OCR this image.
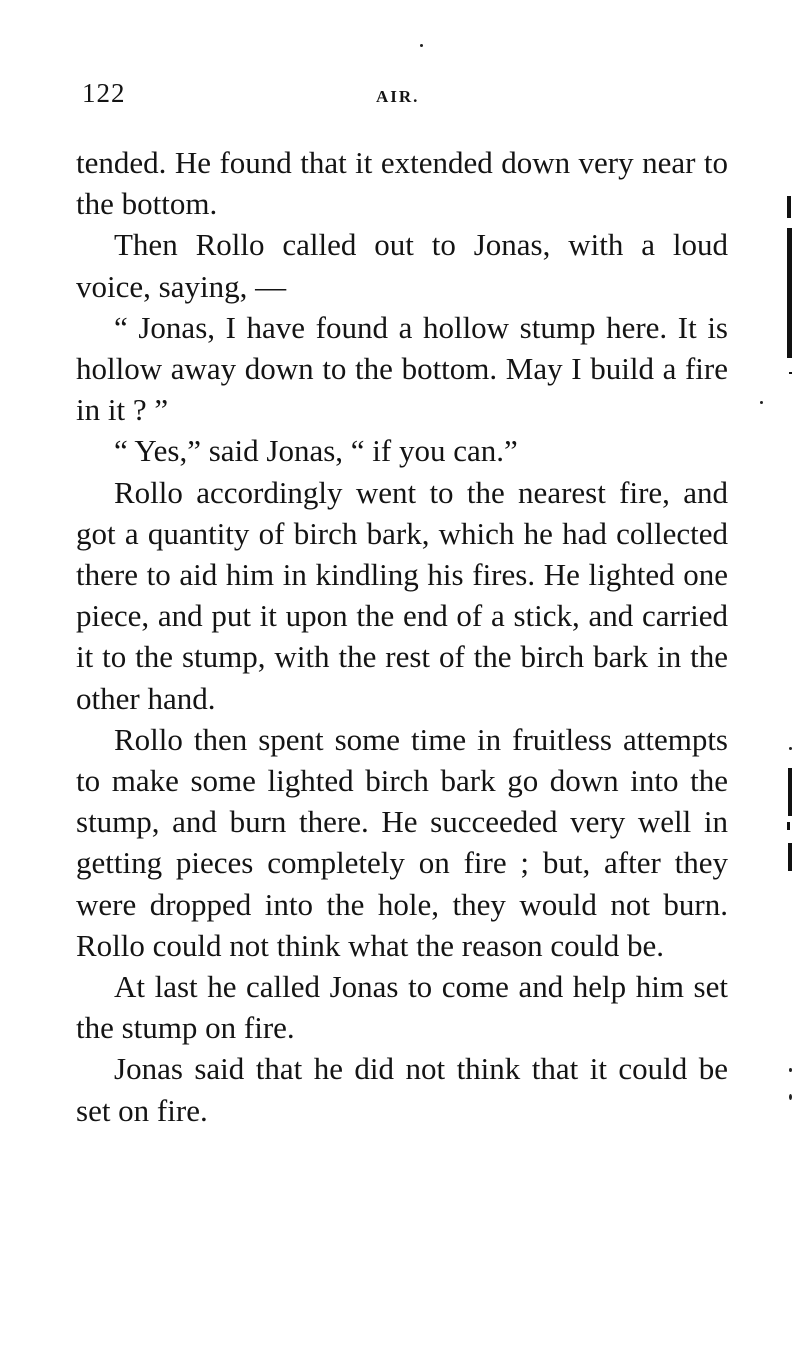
122	AIR.

tended. He found that it extended down very near to the bottom.

Then Rollo called out to Jonas, with a loud voice, saying, —

“ Jonas, I have found a hollow stump here. It is hollow away down to the bottom. May I build a fire in it ? ”

“ Yes,” said Jonas, “ if you can.”

Rollo accordingly went to the nearest fire, and got a quantity of birch bark, which he had collected there to aid him in kindling his fires. He lighted one piece, and put it upon the end of a stick, and carried it to the stump, with the rest of the birch bark in the other hand.

Rollo then spent some time in fruitless attempts to make some lighted birch bark go down into the stump, and burn there. He succeeded very well in getting pieces completely on fire ; but, after they were dropped into the hole, they would not burn. Rollo could not think what the reason could be.

At last he called Jonas to come and help him set the stump on fire.

Jonas said that he did not think that it could be set on fire.
